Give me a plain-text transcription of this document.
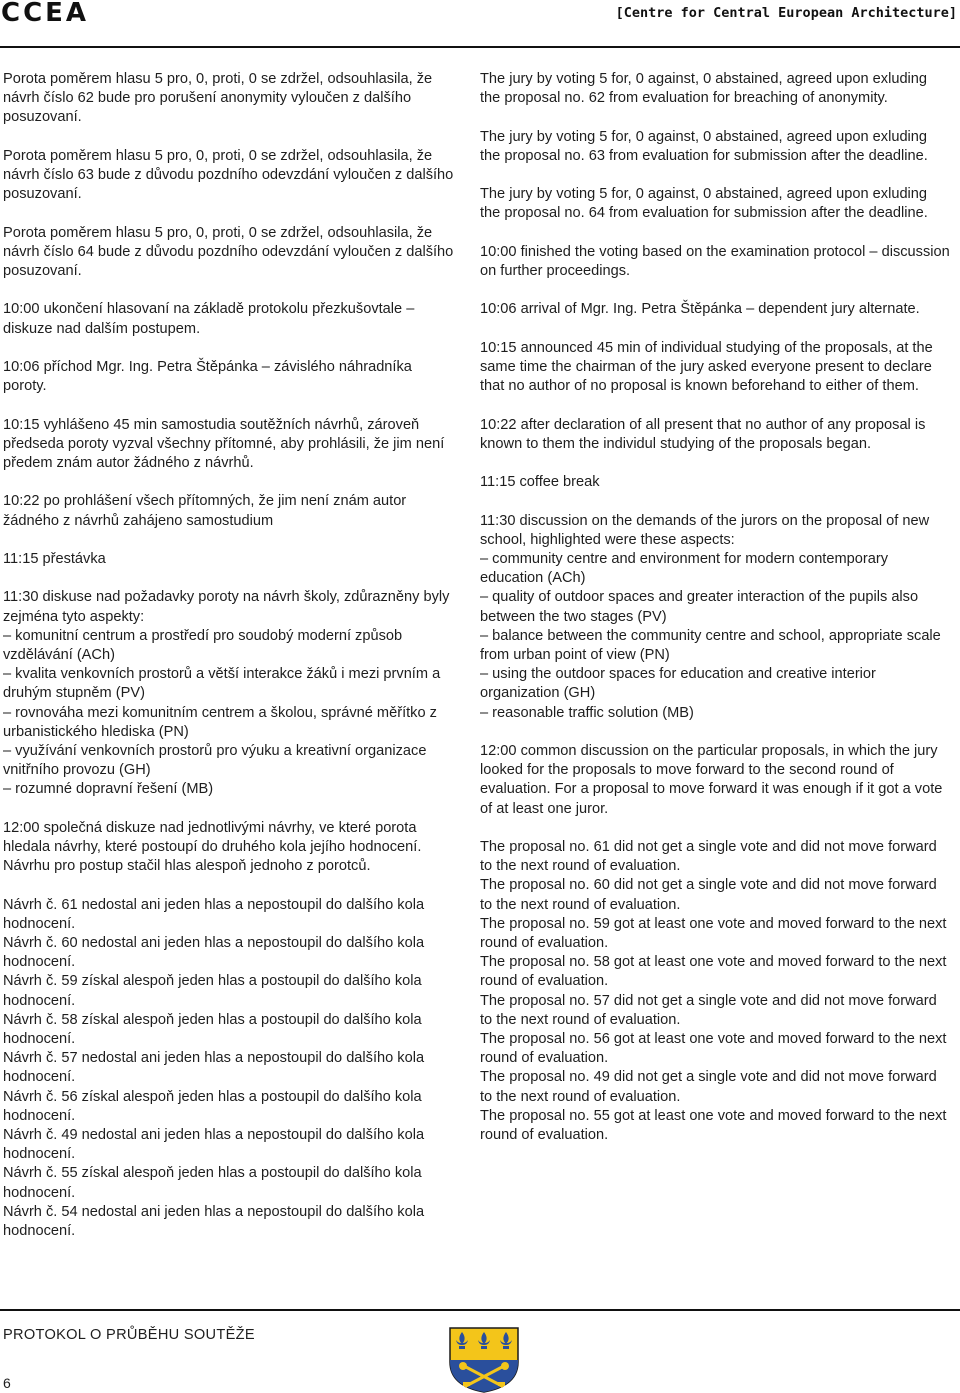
CCEA	[Centre for Central European Architecture]

Porota poměrem hlasu 5 pro, 0, proti, 0 se zdržel, odsouhlasila, že návrh číslo 62 bude pro porušení anonymity vyloučen z dalšího posuzovaní.

Porota poměrem hlasu 5 pro, 0, proti, 0 se zdržel, odsouhlasila, že návrh číslo 63 bude z důvodu pozdního odevzdání vyloučen z dalšího posuzovaní.

Porota poměrem hlasu 5 pro, 0, proti, 0 se zdržel, odsouhlasila, že návrh číslo 64 bude z důvodu pozdního odevzdání vyloučen z dalšího posuzovaní.

10:00 ukončení hlasovaní na základě protokolu přezkušovtale – diskuze nad dalším postupem.

10:06 příchod Mgr. Ing. Petra Štěpánka – závislého náhradníka poroty.

10:15 vyhlášeno 45 min samostudia soutěžních návrhů, zároveň předseda poroty vyzval všechny přítomné, aby prohlásili, že jim není předem znám autor žádného z návrhů.

10:22 po prohlášení všech přítomných, že jim není znám autor žádného z návrhů zahájeno samostudium

11:15 přestávka

11:30 diskuse nad požadavky poroty na návrh školy, zdůrazněny byly zejména tyto aspekty:

– komunitní centrum a prostředí pro soudobý moderní způsob vzdělávání (ACh)

– kvalita venkovních prostorů a větší interakce žáků i mezi prvním a druhým stupněm (PV)

– rovnováha mezi komunitním centrem a školou, správné měřítko z urbanistického hlediska (PN)

– využívání venkovních prostorů pro výuku a kreativní organizace vnitřního provozu (GH)

– rozumné dopravní řešení (MB)

12:00 společná diskuze nad jednotlivými návrhy, ve které porota hledala návrhy, které postoupí do druhého kola jejího hodnocení. Návrhu pro postup stačil hlas alespoň jednoho z porotců.

Návrh č. 61 nedostal ani jeden hlas a nepostoupil do dalšího kola hodnocení.

Návrh č. 60 nedostal ani jeden hlas a nepostoupil do dalšího kola hodnocení.

Návrh č. 59 získal alespoň jeden hlas a postoupil do dalšího kola hodnocení.

Návrh č. 58 získal alespoň jeden hlas a postoupil do dalšího kola hodnocení.

Návrh č. 57 nedostal ani jeden hlas a nepostoupil do dalšího kola hodnocení.

Návrh č. 56 získal alespoň jeden hlas a postoupil do dalšího kola hodnocení.

Návrh č. 49 nedostal ani jeden hlas a nepostoupil do dalšího kola hodnocení.

Návrh č. 55 získal alespoň jeden hlas a postoupil do dalšího kola hodnocení.

Návrh č. 54 nedostal ani jeden hlas a nepostoupil do dalšího kola hodnocení.

The jury by voting 5 for, 0 against, 0 abstained, agreed upon exluding the proposal no. 62 from evaluation for breaching of anonymity.

The jury by voting 5 for, 0 against, 0 abstained, agreed upon exluding the proposal no. 63 from evaluation for submission after the deadline.

The jury by voting 5 for, 0 against, 0 abstained, agreed upon exluding the proposal no. 64 from evaluation for submission after the deadline.

10:00 finished the voting based on the examination protocol – discussion on further proceedings.

10:06 arrival of Mgr. Ing. Petra Štěpánka – dependent jury alternate.

10:15 announced 45 min of individual studying of the proposals, at the same time the chairman of the jury asked everyone present to declare that no author of no proposal is known beforehand to either of them.

10:22 after declaration of all present that no author of any proposal is known to them the individul studying of the proposals began.

11:15 coffee break

11:30 discussion on the demands of the jurors on the proposal of new school, highlighted were these aspects:

– community centre and environment for modern contemporary education (ACh)

– quality of outdoor spaces and greater interaction of the pupils also between the two stages (PV)

– balance between the community centre and school, appropriate scale from urban point of view (PN)

– using the outdoor spaces for education and creative interior organization (GH)

– reasonable traffic solution (MB)

12:00 common discussion on the particular proposals, in which the jury looked for the proposals to move forward to the second round of evaluation. For a proposal to move forward it was enough if it got a vote of at least one juror.

The proposal no. 61 did not get a single vote and did not move forward to the next round of evaluation.

The proposal no. 60 did not get a single vote and did not move forward to the next round of evaluation.

The proposal no. 59 got at least one vote and moved forward to the next round of evaluation.

The proposal no. 58 got at least one vote and moved forward to the next round of evaluation.

The proposal no. 57 did not get a single vote and did not move forward to the next round of evaluation.

The proposal no. 56 got at least one vote and moved forward to the next round of evaluation.

The proposal no. 49 did not get a single vote and did not move forward to the next round of evaluation.

The proposal no. 55 got at least one vote and moved forward to the next round of evaluation.

PROTOKOL O PRŮBĚHU SOUTĚŽE
6
